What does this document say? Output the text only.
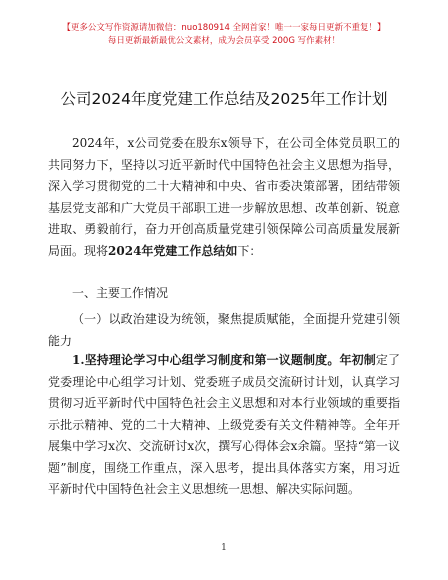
【更多公文写作资源请加微信：nuo180914 全网首家！唯一一家每日更新不重复！】
每日更新最新最优公文素材，成为会员享受 200G 写作素材！
公司2024年度党建工作总结及2025年工作计划

2024年，x公司党委在股东x领导下，在公司全体党员职工的共同努力下，坚持以习近平新时代中国特色社会主义思想为指导，深入学习贯彻党的二十大精神和中央、省市委决策部署，团结带领基层党支部和广大党员干部职工进一步解放思想、改革创新、锐意进取、勇毅前行，奋力开创高质量党建引领保障公司高质量发展新局面。现将2024年党建工作总结如下：

一、主要工作情况

（一）以政治建设为统领，聚焦提质赋能，全面提升党建引领能力

1.坚持理论学习中心组学习制度和第一议题制度。年初制定了党委理论中心组学习计划、党委班子成员交流研讨计划，认真学习贯彻习近平新时代中国特色社会主义思想和对本行业领域的重要指示批示精神、党的二十大精神、上级党委有关文件精神等。全年开展集中学习x次、交流研讨x次，撰写心得体会x余篇。坚持“第一议题”制度，围绕工作重点，深入思考，提出具体落实方案，用习近平新时代中国特色社会主义思想统一思想、解决实际问题。

1
